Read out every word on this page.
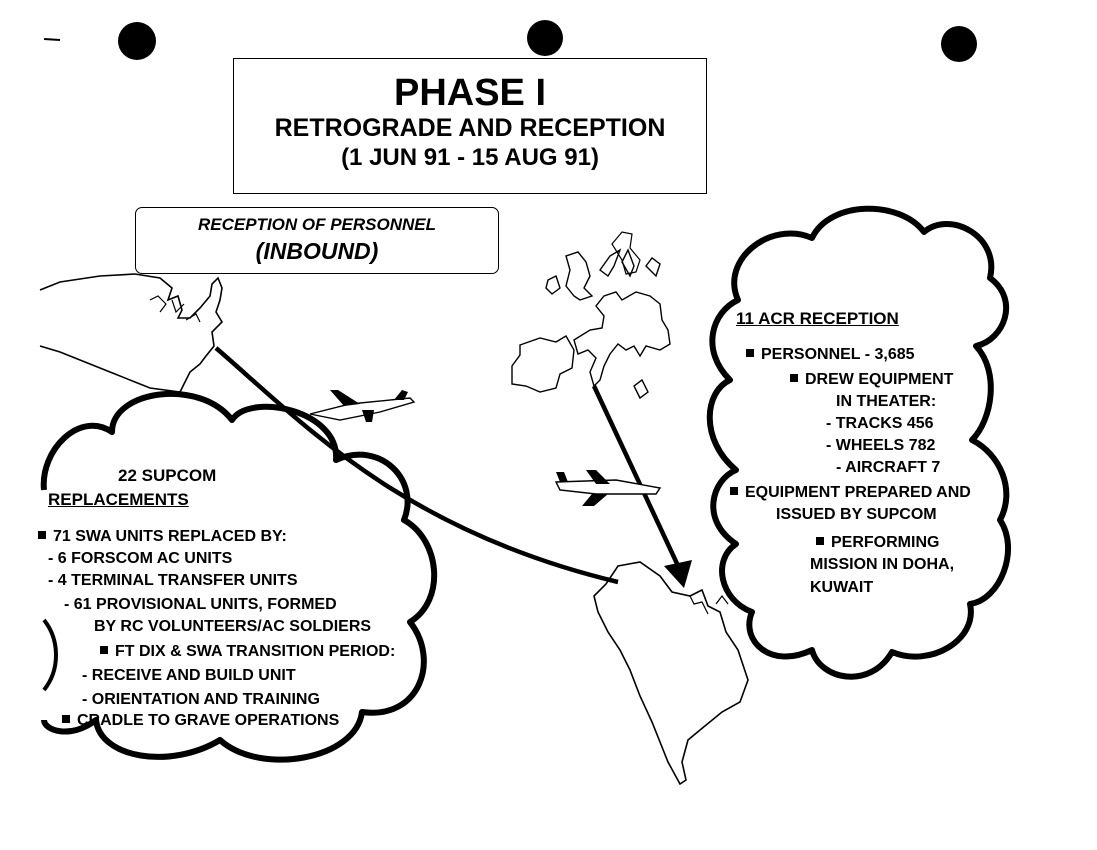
PHASE I
RETROGRADE AND RECEPTION
(1 JUN 91 - 15 AUG 91)
RECEPTION OF PERSONNEL
(INBOUND)
22 SUPCOM
REPLACEMENTS
71 SWA UNITS REPLACED BY:
- 6 FORSCOM AC UNITS
- 4 TERMINAL TRANSFER UNITS
- 61 PROVISIONAL UNITS, FORMED
BY RC VOLUNTEERS/AC SOLDIERS
FT DIX & SWA TRANSITION PERIOD:
- RECEIVE AND BUILD UNIT
- ORIENTATION AND TRAINING
CRADLE TO GRAVE OPERATIONS
11 ACR RECEPTION
PERSONNEL - 3,685
DREW EQUIPMENT
IN THEATER:
- TRACKS 456
- WHEELS 782
- AIRCRAFT 7
EQUIPMENT PREPARED AND
ISSUED BY SUPCOM
PERFORMING
MISSION IN DOHA,
KUWAIT
